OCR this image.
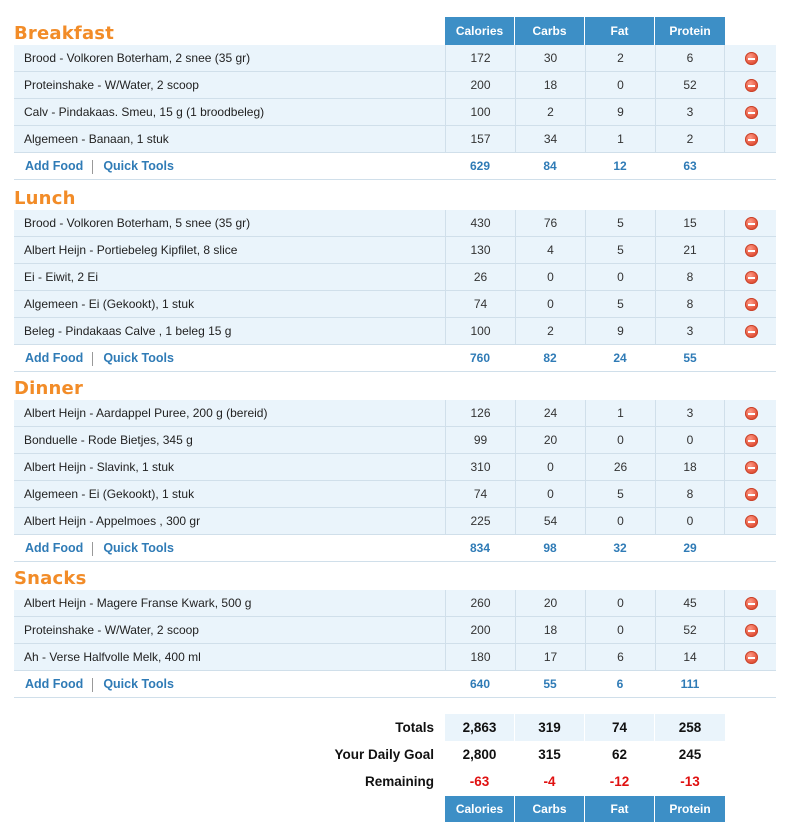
Breakfast	Calories	Carbs	Fat	Protein
Brood - Volkoren Boterham, 2 snee (35 gr)	172	30	2	6
Proteinshake - W/Water, 2 scoop	200	18	0	52
Calv - Pindakaas. Smeu, 15 g (1 broodbeleg)	100	2	9	3
Algemeen - Banaan, 1 stuk	157	34	1	2
Add Food Quick Tools	629	84	12	63
Lunch
Brood - Volkoren Boterham, 5 snee (35 gr)	430	76	5	15
Albert Heijn - Portiebeleg Kipfilet, 8 slice	130	4	5	21
Ei - Eiwit, 2 Ei	26	0	0	8
Algemeen - Ei (Gekookt), 1 stuk	74	0	5	8
Beleg - Pindakaas Calve , 1 beleg 15 g	100	2	9	3
Add Food Quick Tools	760	82	24	55
Dinner
Albert Heijn - Aardappel Puree, 200 g (bereid)	126	24	1	3
Bonduelle - Rode Bietjes, 345 g	99	20	0	0
Albert Heijn - Slavink, 1 stuk	310	0	26	18
Algemeen - Ei (Gekookt), 1 stuk	74	0	5	8
Albert Heijn - Appelmoes , 300 gr	225	54	0	0
Add Food Quick Tools	834	98	32	29
Snacks
Albert Heijn - Magere Franse Kwark, 500 g	260	20	0	45
Proteinshake - W/Water, 2 scoop	200	18	0	52
Ah - Verse Halfvolle Melk, 400 ml	180	17	6	14
Add Food Quick Tools	640	55	6	111
Totals	2,863	319	74	258
Your Daily Goal	2,800	315	62	245
Remaining	-63	-4	-12	-13
Calories	Carbs	Fat	Protein
